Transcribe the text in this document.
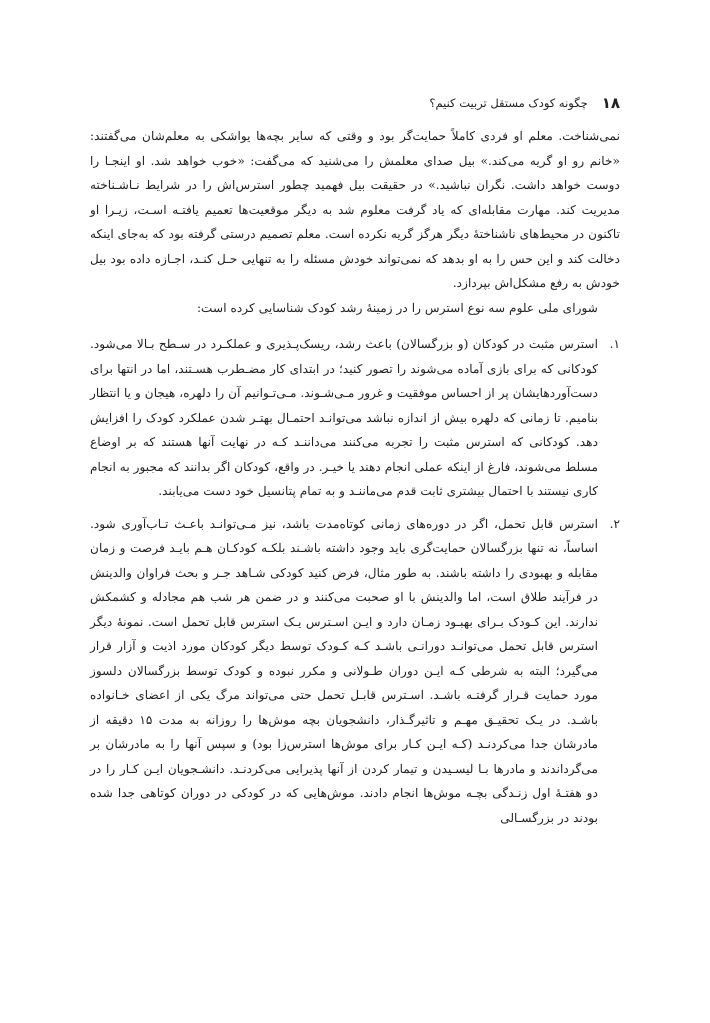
۱۸
چگونه کودک مستقل تربیت کنیم؟

نمی‌شناخت. معلم او فردی کاملاً حمایت‌گر بود و وقتی که سایر بچه‌ها یواشکی به معلم‌شان می‌گفتند: «خانم رو او گریه می‌کند.» بیل صدای معلمش را می‌شنید که می‌گفت: «خوب خواهد شد. او اینجـا را دوست خواهد داشت. نگران نباشید.» در حقیقت بیل فهمید چطور استرس‌اش را در شرایط نـاشـناخته مدیریت کند. مهارت مقابله‌ای که یاد گرفت معلوم شد به دیگر موقعیت‌ها تعمیم یافتـه اسـت، زیـرا او تاکنون در محیط‌های ناشناختهٔ دیگر هرگز گریه نکرده است. معلم تصمیم درستی گرفته بود که به‌جای اینکه دخالت کند و این حس را به او بدهد که نمی‌تواند خودش مسئله را به تنهایی حـل کنـد، اجـازه داده بود بیل خودش به رفع مشکل‌اش بپردازد.

شورای ملی علوم سه نوع استرس را در زمینهٔ رشد کودک شناسایی کرده است:

۱.
استرس مثبت در کودکان (و بزرگسالان) باعث رشد، ریسک‌پـذیری و عملکـرد در سـطح بـالا می‌شود. کودکانی که برای بازی آماده می‌شوند را تصور کنید؛ در ابتدای کار مضـطرب هسـتند، اما در انتها برای دست‌آوردهایشان پر از احساس موفقیت و غرور مـی‌شـوند. مـی‌تـوانیم آن را دلهره، هیجان و یا انتظار بنامیم. تا زمانی که دلهره بیش از اندازه نباشد می‌توانـد احتمـال بهتـر شدن عملکرد کودک را افزایش دهد. کودکانی که استرس مثبت را تجربه می‌کنند می‌داننـد کـه در نهایت آنها هستند که بر اوضاع مسلط می‌شوند، فارغ از اینکه عملی انجام دهند یا خیـر. در واقع، کودکان اگر بدانند که مجبور به انجام کاری نیستند با احتمال بیشتری ثابت قدم می‌ماننـد و به تمام پتانسیل خود دست می‌یابند.
۲.
استرس قابل تحمل، اگر در دوره‌های زمانی کوتاه‌مدت باشد، نیز مـی‌توانـد باعـث تـاب‌آوری شود. اساساً، نه تنها بزرگسالان حمایت‌گری باید وجود داشته باشـند بلکـه کودکـان هـم بایـد فرصت و زمان مقابله و بهبودی را داشته باشند. به طور مثال، فرض کنید کودکی شـاهد جـر و بحث فراوان والدینش در فرآیند طلاق است، اما والدینش با او صحبت می‌کنند و در ضمن هر شب هم مجادله و کشمکش ندارند. این کـودک بـرای بهبـود زمـان دارد و ایـن اسـترس یـک استرس قابل تحمل است. نمونهٔ دیگر استرس قابل تحمل می‌توانـد دورانـی باشـد کـه کـودک توسط دیگر کودکان مورد اذیت و آزار قرار می‌گیرد؛ البته به شرطی کـه ایـن دوران طـولانی و مکرر نبوده و کودک توسط بزرگسالان دلسوز مورد حمایت قـرار گرفتـه باشـد. اسـترس قابـل تحمل حتی می‌تواند مرگ یکی از اعضای خـانواده باشـد. در یـک تحقیـق مهـم و تاثیرگـذار، دانشجویان بچه موش‌ها را روزانه به مدت ۱۵ دقیقه از مادرشان جدا می‌کردنـد (کـه ایـن کـار برای موش‌ها استرس‌زا بود) و سپس آنها را به مادرشان بر می‌گرداندند و مادرها بـا لیسـیدن و تیمار کردن از آنها پذیرایی می‌کردنـد. دانشـجویان ایـن کـار را در دو هفتـهٔ اول زنـدگی بچـه موش‌ها انجام دادند. موش‌هایی که در کودکی در دوران کوتاهی جدا شده بودند در بزرگسـالی
